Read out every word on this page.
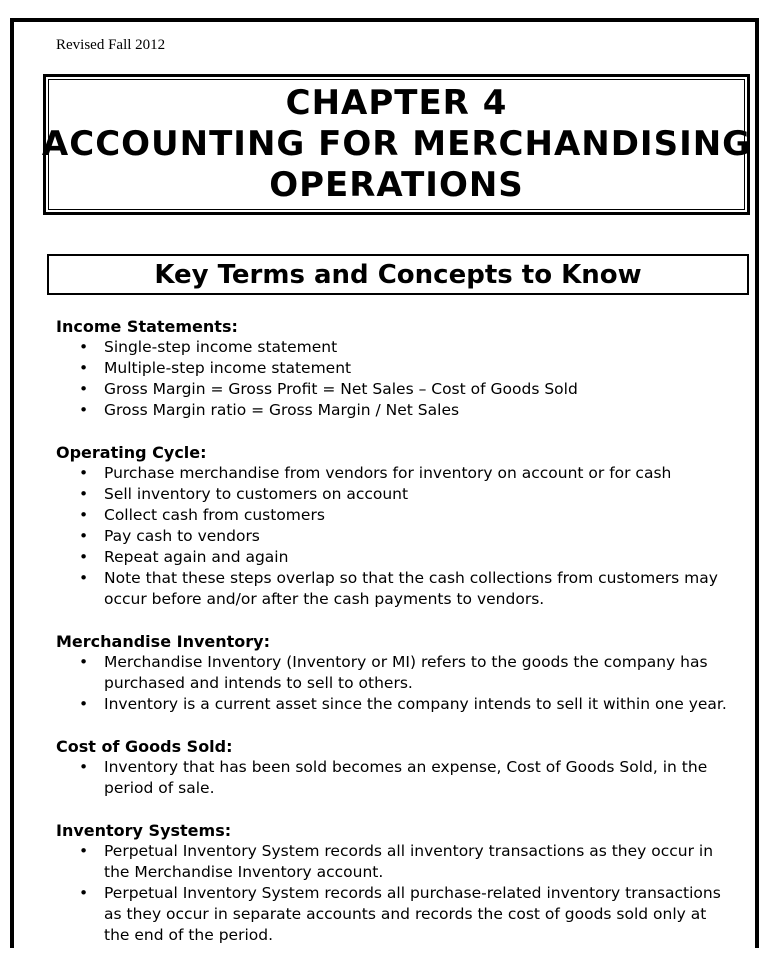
Revised Fall 2012
CHAPTER 4
ACCOUNTING FOR MERCHANDISING
OPERATIONS
Key Terms and Concepts to Know
Income Statements:
• Single-step income statement
• Multiple-step income statement
• Gross Margin = Gross Profit = Net Sales – Cost of Goods Sold
• Gross Margin ratio = Gross Margin / Net Sales
Operating Cycle:
• Purchase merchandise from vendors for inventory on account or for cash
• Sell inventory to customers on account
• Collect cash from customers
• Pay cash to vendors
• Repeat again and again
• Note that these steps overlap so that the cash collections from customers may occur before and/or after the cash payments to vendors.
Merchandise Inventory:
• Merchandise Inventory (Inventory or MI) refers to the goods the company has purchased and intends to sell to others.
• Inventory is a current asset since the company intends to sell it within one year.
Cost of Goods Sold:
• Inventory that has been sold becomes an expense, Cost of Goods Sold, in the period of sale.
Inventory Systems:
• Perpetual Inventory System records all inventory transactions as they occur in the Merchandise Inventory account.
• Perpetual Inventory System records all purchase-related inventory transactions as they occur in separate accounts and records the cost of goods sold only at the end of the period.
